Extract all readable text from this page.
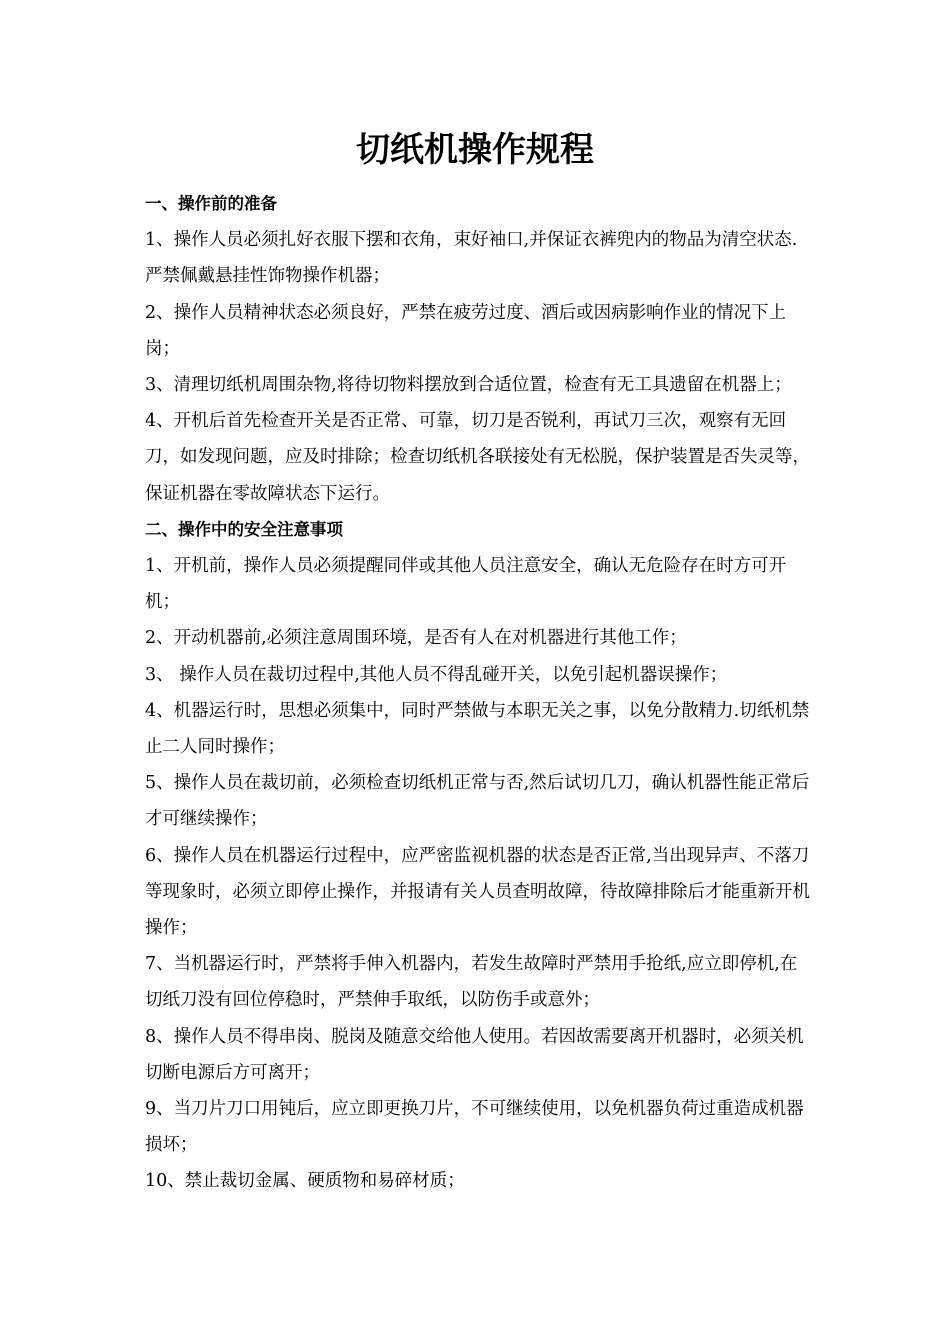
切纸机操作规程

一、操作前的准备

1、操作人员必须扎好衣服下摆和衣角，束好袖口,并保证衣裤兜内的物品为清空状态.严禁佩戴悬挂性饰物操作机器；

2、操作人员精神状态必须良好，严禁在疲劳过度、酒后或因病影响作业的情况下上岗；

3、清理切纸机周围杂物,将待切物料摆放到合适位置，检查有无工具遗留在机器上；

4、开机后首先检查开关是否正常、可靠，切刀是否锐利，再试刀三次，观察有无回刀，如发现问题，应及时排除；检查切纸机各联接处有无松脱，保护装置是否失灵等，保证机器在零故障状态下运行。

二、操作中的安全注意事项

1、开机前，操作人员必须提醒同伴或其他人员注意安全，确认无危险存在时方可开机；

2、开动机器前,必须注意周围环境，是否有人在对机器进行其他工作；

3、 操作人员在裁切过程中,其他人员不得乱碰开关，以免引起机器误操作；

4、机器运行时，思想必须集中，同时严禁做与本职无关之事，以免分散精力.切纸机禁止二人同时操作；

5、操作人员在裁切前，必须检查切纸机正常与否,然后试切几刀，确认机器性能正常后才可继续操作；

6、操作人员在机器运行过程中，应严密监视机器的状态是否正常,当出现异声、不落刀等现象时，必须立即停止操作，并报请有关人员查明故障，待故障排除后才能重新开机操作；

7、当机器运行时，严禁将手伸入机器内，若发生故障时严禁用手抢纸,应立即停机,在切纸刀没有回位停稳时，严禁伸手取纸，以防伤手或意外；

8、操作人员不得串岗、脱岗及随意交给他人使用。若因故需要离开机器时，必须关机切断电源后方可离开；

9、当刀片刀口用钝后，应立即更换刀片，不可继续使用，以免机器负荷过重造成机器损坏；

10、禁止裁切金属、硬质物和易碎材质；
